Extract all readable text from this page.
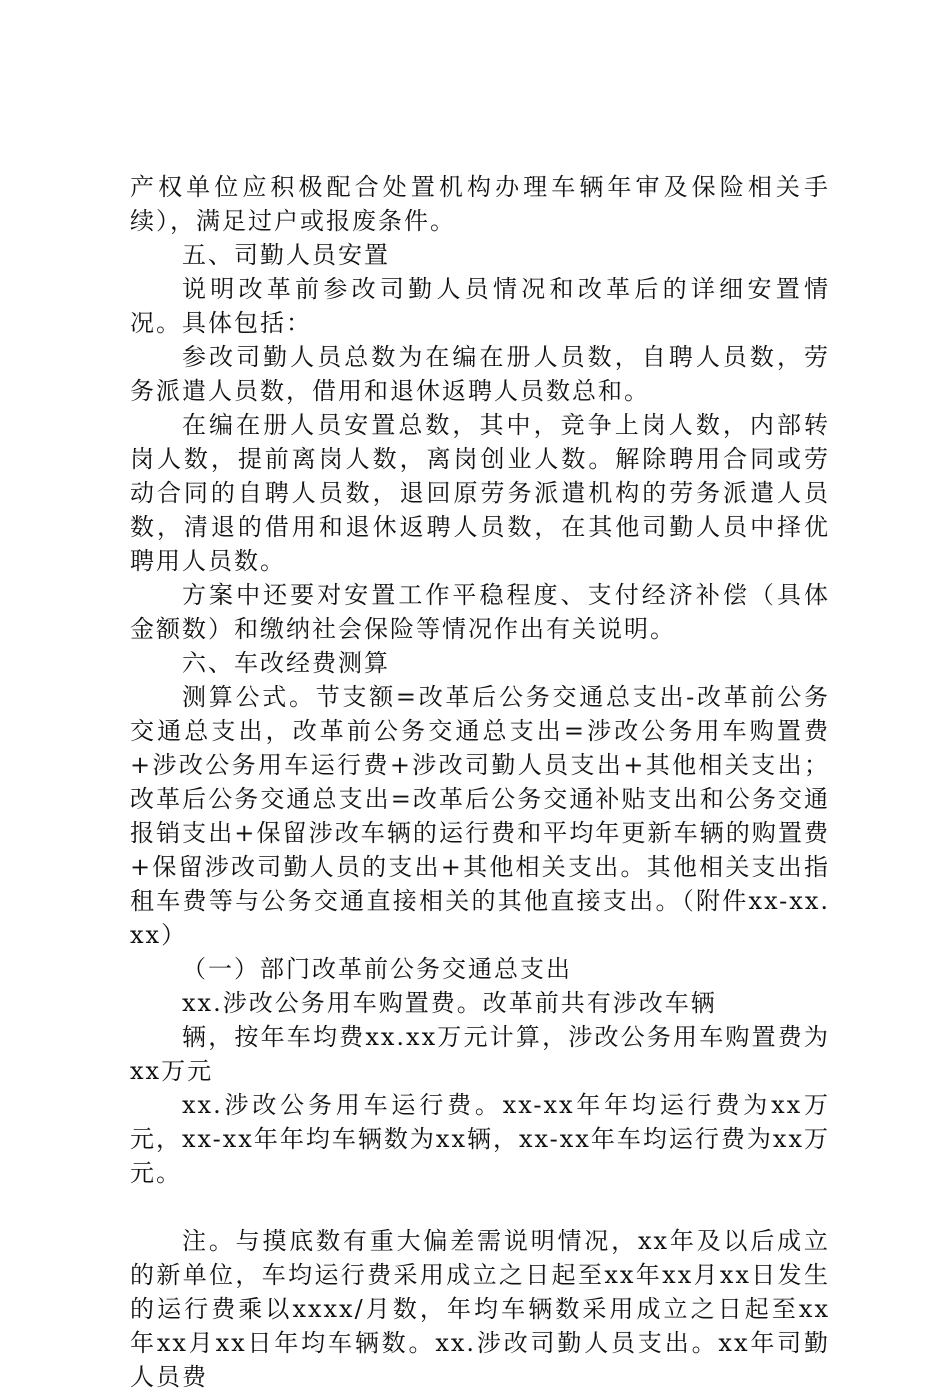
产权单位应积极配合处置机构办理车辆年审及保险相关手续），满足过户或报废条件。

五、司勤人员安置

说明改革前参改司勤人员情况和改革后的详细安置情况。具体包括：

参改司勤人员总数为在编在册人员数，自聘人员数，劳务派遣人员数，借用和退休返聘人员数总和。

在编在册人员安置总数，其中，竞争上岗人数，内部转岗人数，提前离岗人数，离岗创业人数。解除聘用合同或劳动合同的自聘人员数，退回原劳务派遣机构的劳务派遣人员数，清退的借用和退休返聘人员数，在其他司勤人员中择优聘用人员数。

方案中还要对安置工作平稳程度、支付经济补偿（具体金额数）和缴纳社会保险等情况作出有关说明。

六、车改经费测算

测算公式。节支额=改革后公务交通总支出-改革前公务交通总支出，改革前公务交通总支出=涉改公务用车购置费+涉改公务用车运行费+涉改司勤人员支出+其他相关支出；改革后公务交通总支出=改革后公务交通补贴支出和公务交通报销支出+保留涉改车辆的运行费和平均年更新车辆的购置费+保留涉改司勤人员的支出+其他相关支出。其他相关支出指租车费等与公务交通直接相关的其他直接支出。（附件xx-xx.xx）

（一）部门改革前公务交通总支出

xx.涉改公务用车购置费。改革前共有涉改车辆

辆，按年车均费xx.xx万元计算，涉改公务用车购置费为xx万元

xx.涉改公务用车运行费。xx-xx年年均运行费为xx万元，xx-xx年年均车辆数为xx辆，xx-xx年车均运行费为xx万元。

注。与摸底数有重大偏差需说明情况，xx年及以后成立的新单位，车均运行费采用成立之日起至xx年xx月xx日发生的运行费乘以xxxx/月数，年均车辆数采用成立之日起至xx年xx月xx日年均车辆数。xx.涉改司勤人员支出。xx年司勤人员费
